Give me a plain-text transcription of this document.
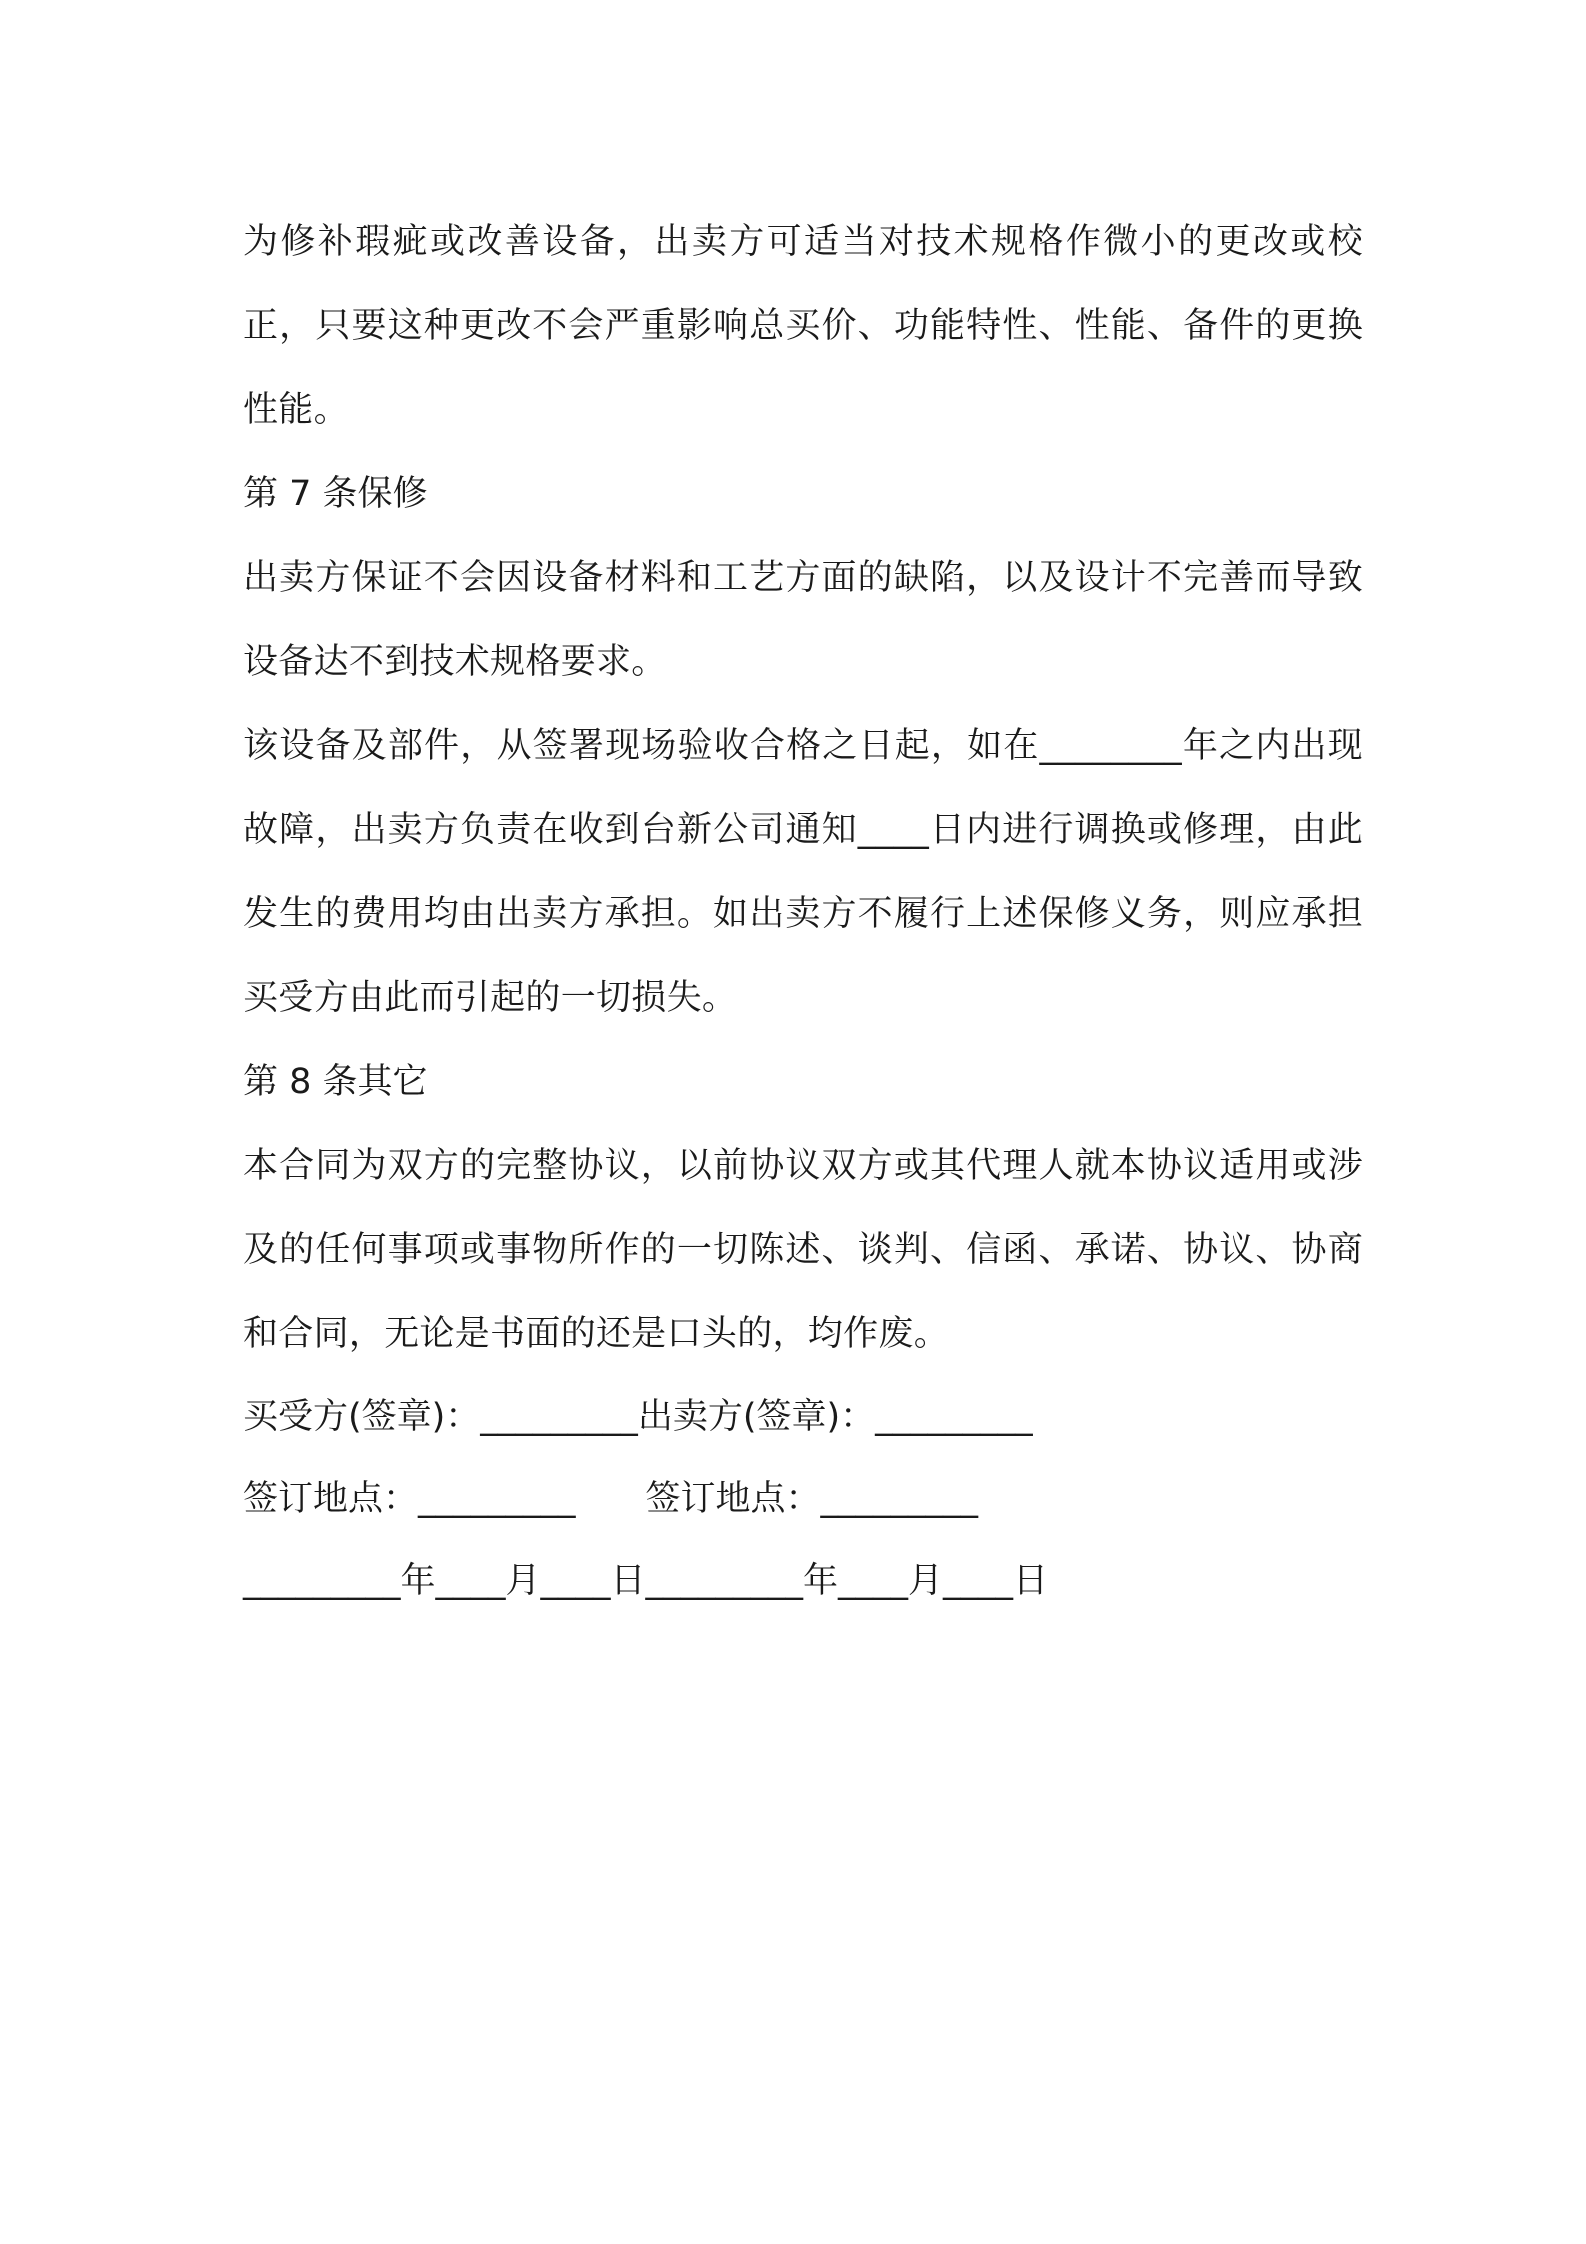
为修补瑕疵或改善设备，出卖方可适当对技术规格作微小的更改或校正，只要这种更改不会严重影响总买价、功能特性、性能、备件的更换性能。

第 7 条保修

出卖方保证不会因设备材料和工艺方面的缺陷，以及设计不完善而导致设备达不到技术规格要求。

该设备及部件，从签署现场验收合格之日起，如在________年之内出现故障，出卖方负责在收到台新公司通知____日内进行调换或修理，由此发生的费用均由出卖方承担。如出卖方不履行上述保修义务，则应承担买受方由此而引起的一切损失。

第 8 条其它

本合同为双方的完整协议，以前协议双方或其代理人就本协议适用或涉及的任何事项或事物所作的一切陈述、谈判、信函、承诺、协议、协商和合同，无论是书面的还是口头的，均作废。

买受方(签章)：_________出卖方(签章)：_________

签订地点：_________ 签订地点：_________

_________年____月____日_________年____月____日
